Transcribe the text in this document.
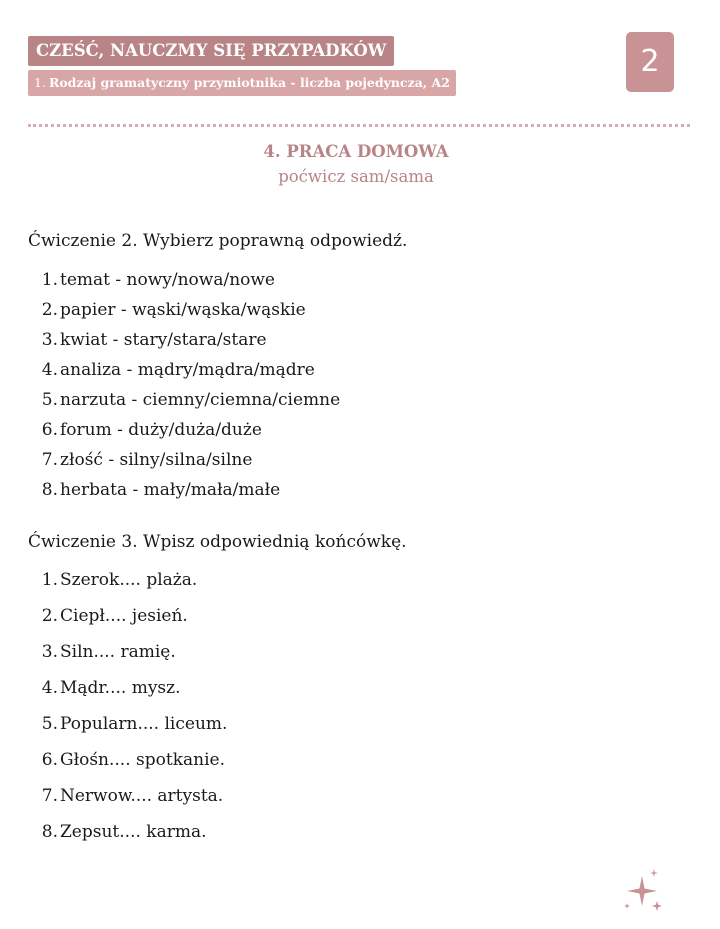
CZEŚĆ, NAUCZMY SIĘ PRZYPADKÓW
1. Rodzaj gramatyczny przymiotnika - liczba pojedyncza, A2
2
4. PRACA DOMOWA
poćwicz sam/sama
Ćwiczenie 2. Wybierz poprawną odpowiedź.
1. temat - nowy/nowa/nowe
2. papier - wąski/wąska/wąskie
3. kwiat - stary/stara/stare
4. analiza - mądry/mądra/mądre
5. narzuta - ciemny/ciemna/ciemne
6. forum - duży/duża/duże
7. złość - silny/silna/silne
8. herbata - mały/mała/małe
Ćwiczenie 3. Wpisz odpowiednią końcówkę.
1. Szerok.... plaża.
2. Ciepł.... jesień.
3. Siln.... ramię.
4. Mądr.... mysz.
5. Popularn.... liceum.
6. Głośn.... spotkanie.
7. Nerwow.... artysta.
8. Zepsut.... karma.
